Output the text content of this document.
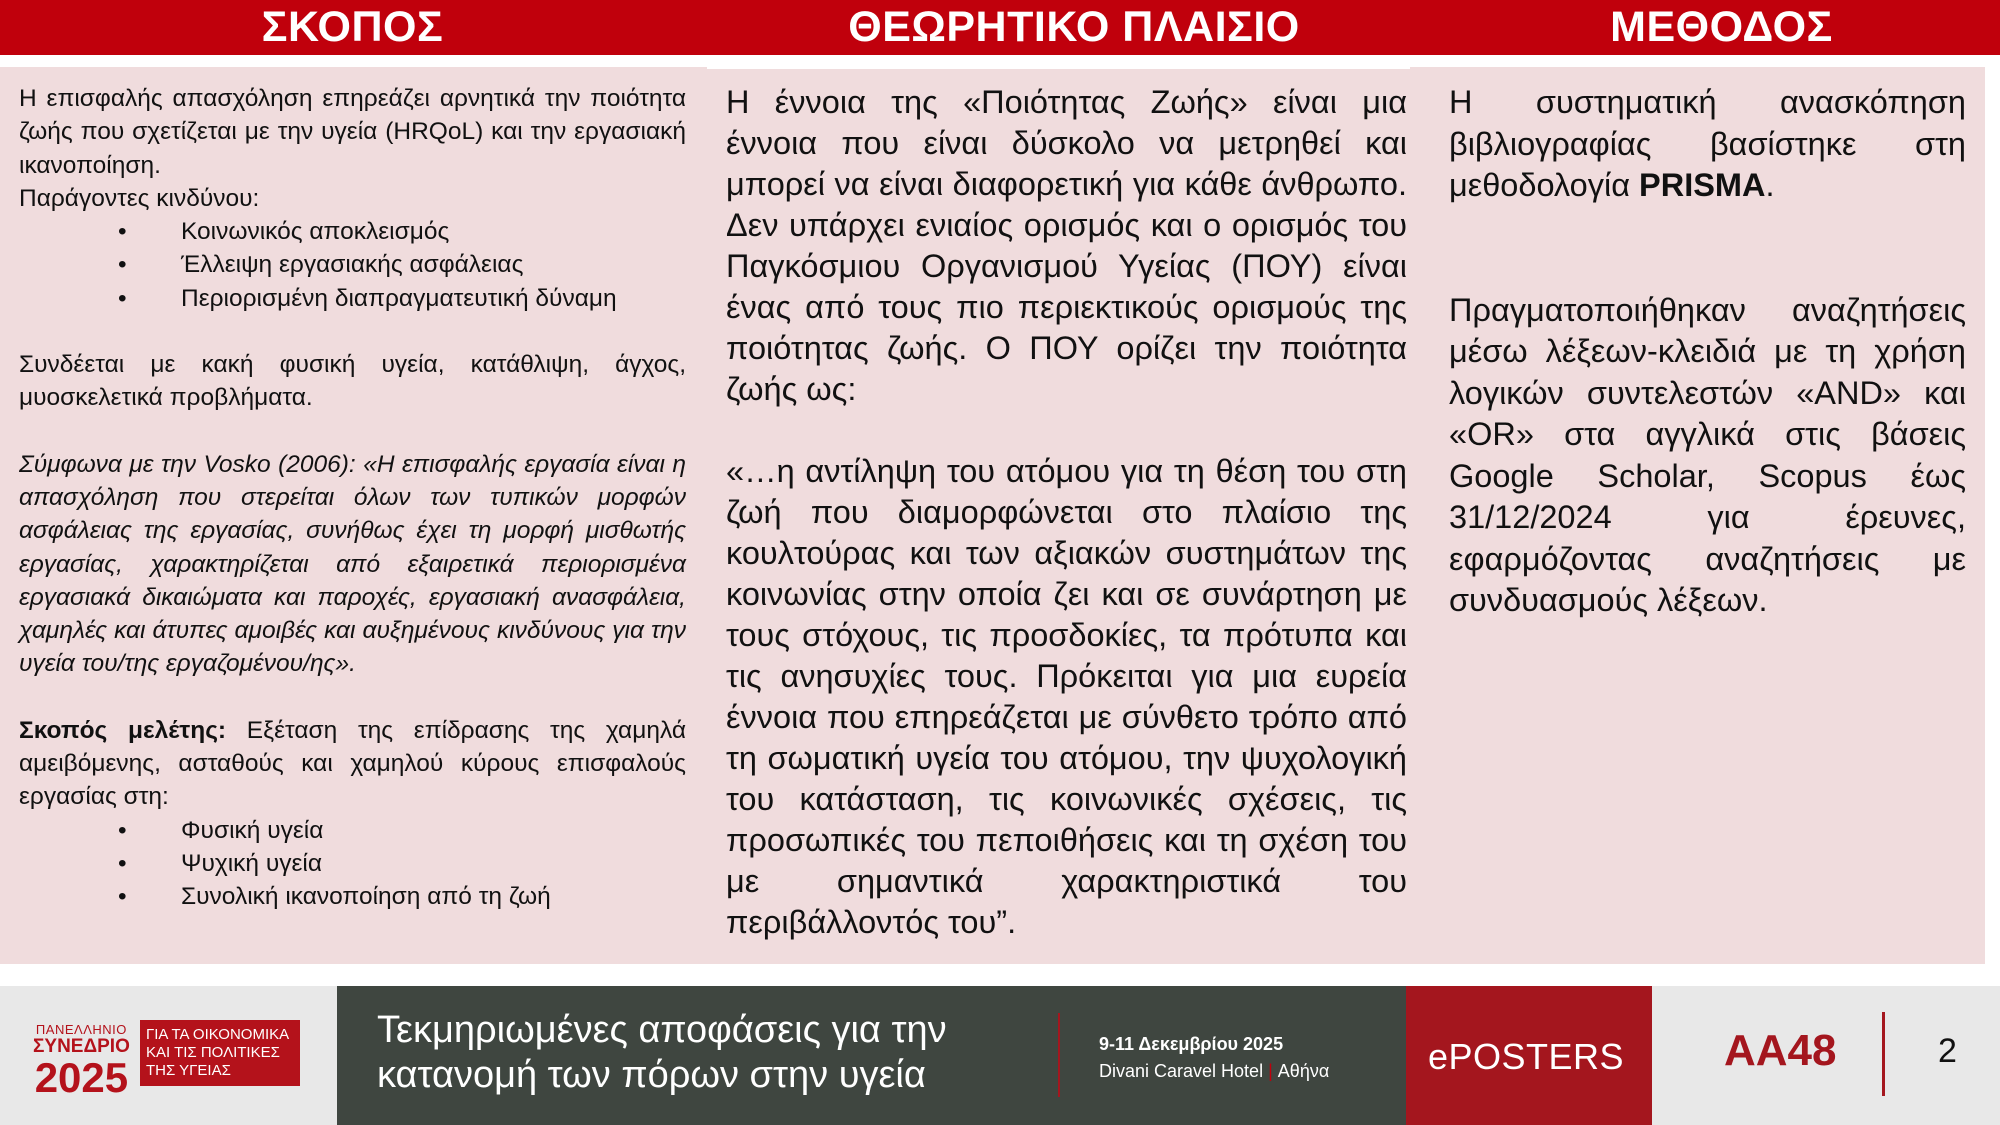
ΣΚΟΠΟΣ	ΘΕΩΡΗΤΙΚΟ ΠΛΑΙΣΙΟ	ΜΕΘΟΔΟΣ

Η επισφαλής απασχόληση επηρεάζει αρνητικά την ποιότητα ζωής που σχετίζεται με την υγεία (HRQoL) και την εργασιακή ικανοποίηση.

Παράγοντες κινδύνου:
• Κοινωνικός αποκλεισμός
• Έλλειψη εργασιακής ασφάλειας
• Περιορισμένη διαπραγματευτική δύναμη

Συνδέεται με κακή φυσική υγεία, κατάθλιψη, άγχος, μυοσκελετικά προβλήματα.

Σύμφωνα με την Vosko (2006): «Η επισφαλής εργασία είναι η απασχόληση που στερείται όλων των τυπικών μορφών ασφάλειας της εργασίας, συνήθως έχει τη μορφή μισθωτής εργασίας, χαρακτηρίζεται από εξαιρετικά περιορισμένα εργασιακά δικαιώματα και παροχές, εργασιακή ανασφάλεια, χαμηλές και άτυπες αμοιβές και αυξημένους κινδύνους για την υγεία του/της εργαζομένου/ης».

Σκοπός μελέτης: Εξέταση της επίδρασης της χαμηλά αμειβόμενης, ασταθούς και χαμηλού κύρους επισφαλούς εργασίας στη:

• Φυσική υγεία
• Ψυχική υγεία
• Συνολική ικανοποίηση από τη ζωή

Η έννοια της «Ποιότητας Ζωής» είναι μια έννοια που είναι δύσκολο να μετρηθεί και μπορεί να είναι διαφορετική για κάθε άνθρωπο. Δεν υπάρχει ενιαίος ορισμός και ο ορισμός του Παγκόσμιου Οργανισμού Υγείας (ΠΟΥ) είναι ένας από τους πιο περιεκτικούς ορισμούς της ποιότητας ζωής. Ο ΠΟΥ ορίζει την ποιότητα ζωής ως:

«…η αντίληψη του ατόμου για τη θέση του στη ζωή που διαμορφώνεται στο πλαίσιο της κουλτούρας και των αξιακών συστημάτων της κοινωνίας στην οποία ζει και σε συνάρτηση με τους στόχους, τις προσδοκίες, τα πρότυπα και τις ανησυχίες τους. Πρόκειται για μια ευρεία έννοια που επηρεάζεται με σύνθετο τρόπο από τη σωματική υγεία του ατόμου, την ψυχολογική του κατάσταση, τις κοινωνικές σχέσεις, τις προσωπικές του πεποιθήσεις και τη σχέση του με σημαντικά χαρακτηριστικά του περιβάλλοντός του”.

Η συστηματική ανασκόπηση βιβλιογραφίας βασίστηκε στη μεθοδολογία PRISMA.

Πραγματοποιήθηκαν αναζητήσεις μέσω λέξεων-κλειδιά με τη χρήση λογικών συντελεστών «AND» και «OR» στα αγγλικά στις βάσεις Google Scholar, Scopus έως 31/12/2024 για έρευνες, εφαρμόζοντας αναζητήσεις με συνδυασμούς λέξεων.

ΠΑΝΕΛΛΗΝΙΟ
ΣΥΝΕΔΡΙΟ
2025
ΓΙΑ ΤΑ ΟΙΚΟΝΟΜΙΚΑ ΚΑΙ ΤΙΣ ΠΟΛΙΤΙΚΕΣ ΤΗΣ ΥΓΕΙΑΣ
Τεκμηριωμένες αποφάσεις για την
κατανομή των πόρων στην υγεία
9-11 Δεκεμβρίου 2025
Divani Caravel Hotel | Αθήνα	ePOSTERS ΑΑ48	2
